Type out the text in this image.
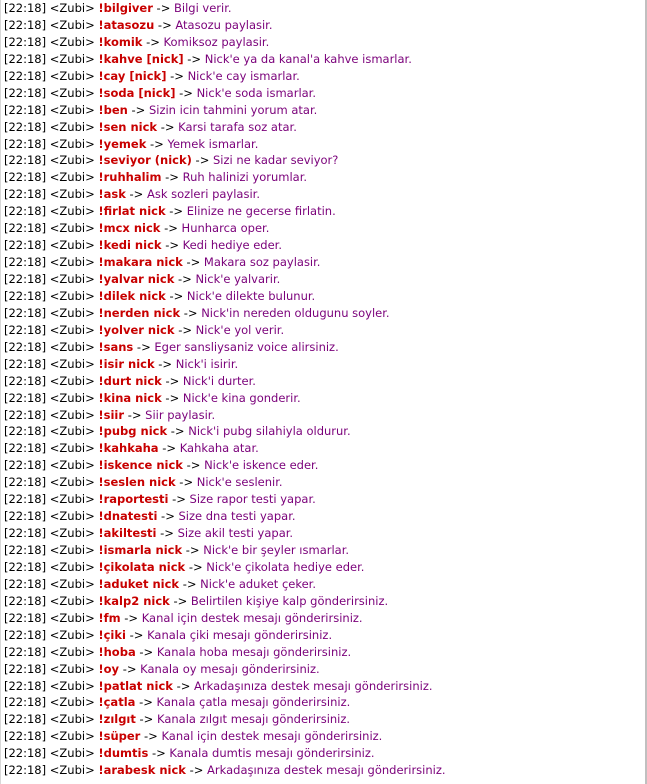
[22:18] <Zubi> !bilgiver -> Bilgi verir.
[22:18] <Zubi> !atasozu -> Atasozu paylasir.
[22:18] <Zubi> !komik -> Komiksoz paylasir.
[22:18] <Zubi> !kahve [nick] -> Nick'e ya da kanal'a kahve ismarlar.
[22:18] <Zubi> !cay [nick] -> Nick'e cay ismarlar.
[22:18] <Zubi> !soda [nick] -> Nick'e soda ismarlar.
[22:18] <Zubi> !ben -> Sizin icin tahmini yorum atar.
[22:18] <Zubi> !sen nick -> Karsi tarafa soz atar.
[22:18] <Zubi> !yemek -> Yemek ismarlar.
[22:18] <Zubi> !seviyor (nick) -> Sizi ne kadar seviyor?
[22:18] <Zubi> !ruhhalim -> Ruh halinizi yorumlar.
[22:18] <Zubi> !ask -> Ask sozleri paylasir.
[22:18] <Zubi> !firlat nick -> Elinize ne gecerse firlatin.
[22:18] <Zubi> !mcx nick -> Hunharca oper.
[22:18] <Zubi> !kedi nick -> Kedi hediye eder.
[22:18] <Zubi> !makara nick -> Makara soz paylasir.
[22:18] <Zubi> !yalvar nick -> Nick'e yalvarir.
[22:18] <Zubi> !dilek nick -> Nick'e dilekte bulunur.
[22:18] <Zubi> !nerden nick -> Nick'in nereden oldugunu soyler.
[22:18] <Zubi> !yolver nick -> Nick'e yol verir.
[22:18] <Zubi> !sans -> Eger sansliysaniz voice alirsiniz.
[22:18] <Zubi> !isir nick -> Nick'i isirir.
[22:18] <Zubi> !durt nick -> Nick'i durter.
[22:18] <Zubi> !kina nick -> Nick'e kina gonderir.
[22:18] <Zubi> !siir -> Siir paylasir.
[22:18] <Zubi> !pubg nick -> Nick'i pubg silahiyla oldurur.
[22:18] <Zubi> !kahkaha -> Kahkaha atar.
[22:18] <Zubi> !iskence nick -> Nick'e iskence eder.
[22:18] <Zubi> !seslen nick -> Nick'e seslenir.
[22:18] <Zubi> !raportesti -> Size rapor testi yapar.
[22:18] <Zubi> !dnatesti -> Size dna testi yapar.
[22:18] <Zubi> !akiltesti -> Size akil testi yapar.
[22:18] <Zubi> !ismarla nick -> Nick'e bir şeyler ısmarlar.
[22:18] <Zubi> !çikolata nick -> Nick'e çikolata hediye eder.
[22:18] <Zubi> !aduket nick -> Nick'e aduket çeker.
[22:18] <Zubi> !kalp2 nick -> Belirtilen kişiye kalp gönderirsiniz.
[22:18] <Zubi> !fm -> Kanal için destek mesajı gönderirsiniz.
[22:18] <Zubi> !çiki -> Kanala çiki mesajı gönderirsiniz.
[22:18] <Zubi> !hoba -> Kanala hoba mesajı gönderirsiniz.
[22:18] <Zubi> !oy -> Kanala oy mesajı gönderirsiniz.
[22:18] <Zubi> !patlat nick -> Arkadaşınıza destek mesajı gönderirsiniz.
[22:18] <Zubi> !çatla -> Kanala çatla mesajı gönderirsiniz.
[22:18] <Zubi> !zılgıt -> Kanala zılgıt mesajı gönderirsiniz.
[22:18] <Zubi> !süper -> Kanal için destek mesajı gönderirsiniz.
[22:18] <Zubi> !dumtis -> Kanala dumtis mesajı gönderirsiniz.
[22:18] <Zubi> !arabesk nick -> Arkadaşınıza destek mesajı gönderirsiniz.
